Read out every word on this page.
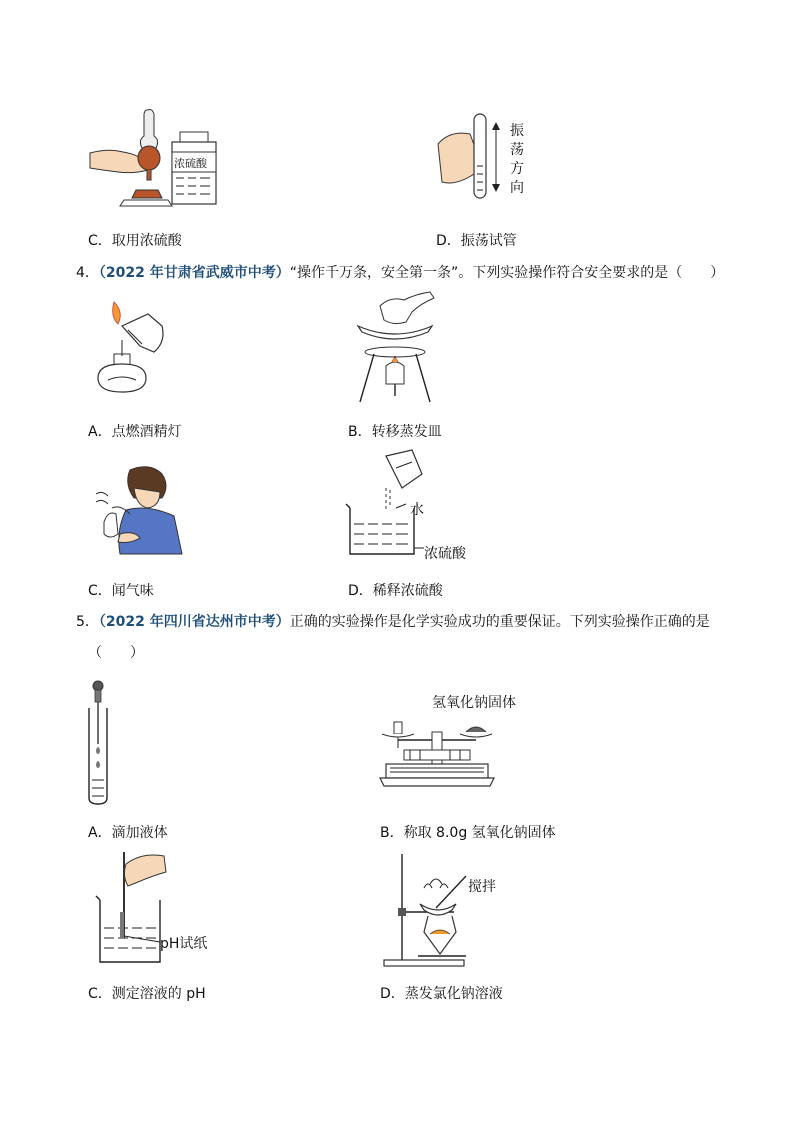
浓硫酸
振
荡
方
向
C．取用浓硫酸	D．振荡试管
4．（2022 年甘肃省武威市中考）“操作千万条，安全第一条”。下列实验操作符合安全要求的是（　　）
A．点燃酒精灯	B．转移蒸发皿
水
浓硫酸
C．闻气味	D．稀释浓硫酸
5．（2022 年四川省达州市中考）正确的实验操作是化学实验成功的重要保证。下列实验操作正确的是
（　　）
氢氧化钠固体
A．滴加液体	B．称取 8.0g 氢氧化钠固体
pH试纸
搅拌
C．测定溶液的 pH	D．蒸发氯化钠溶液
